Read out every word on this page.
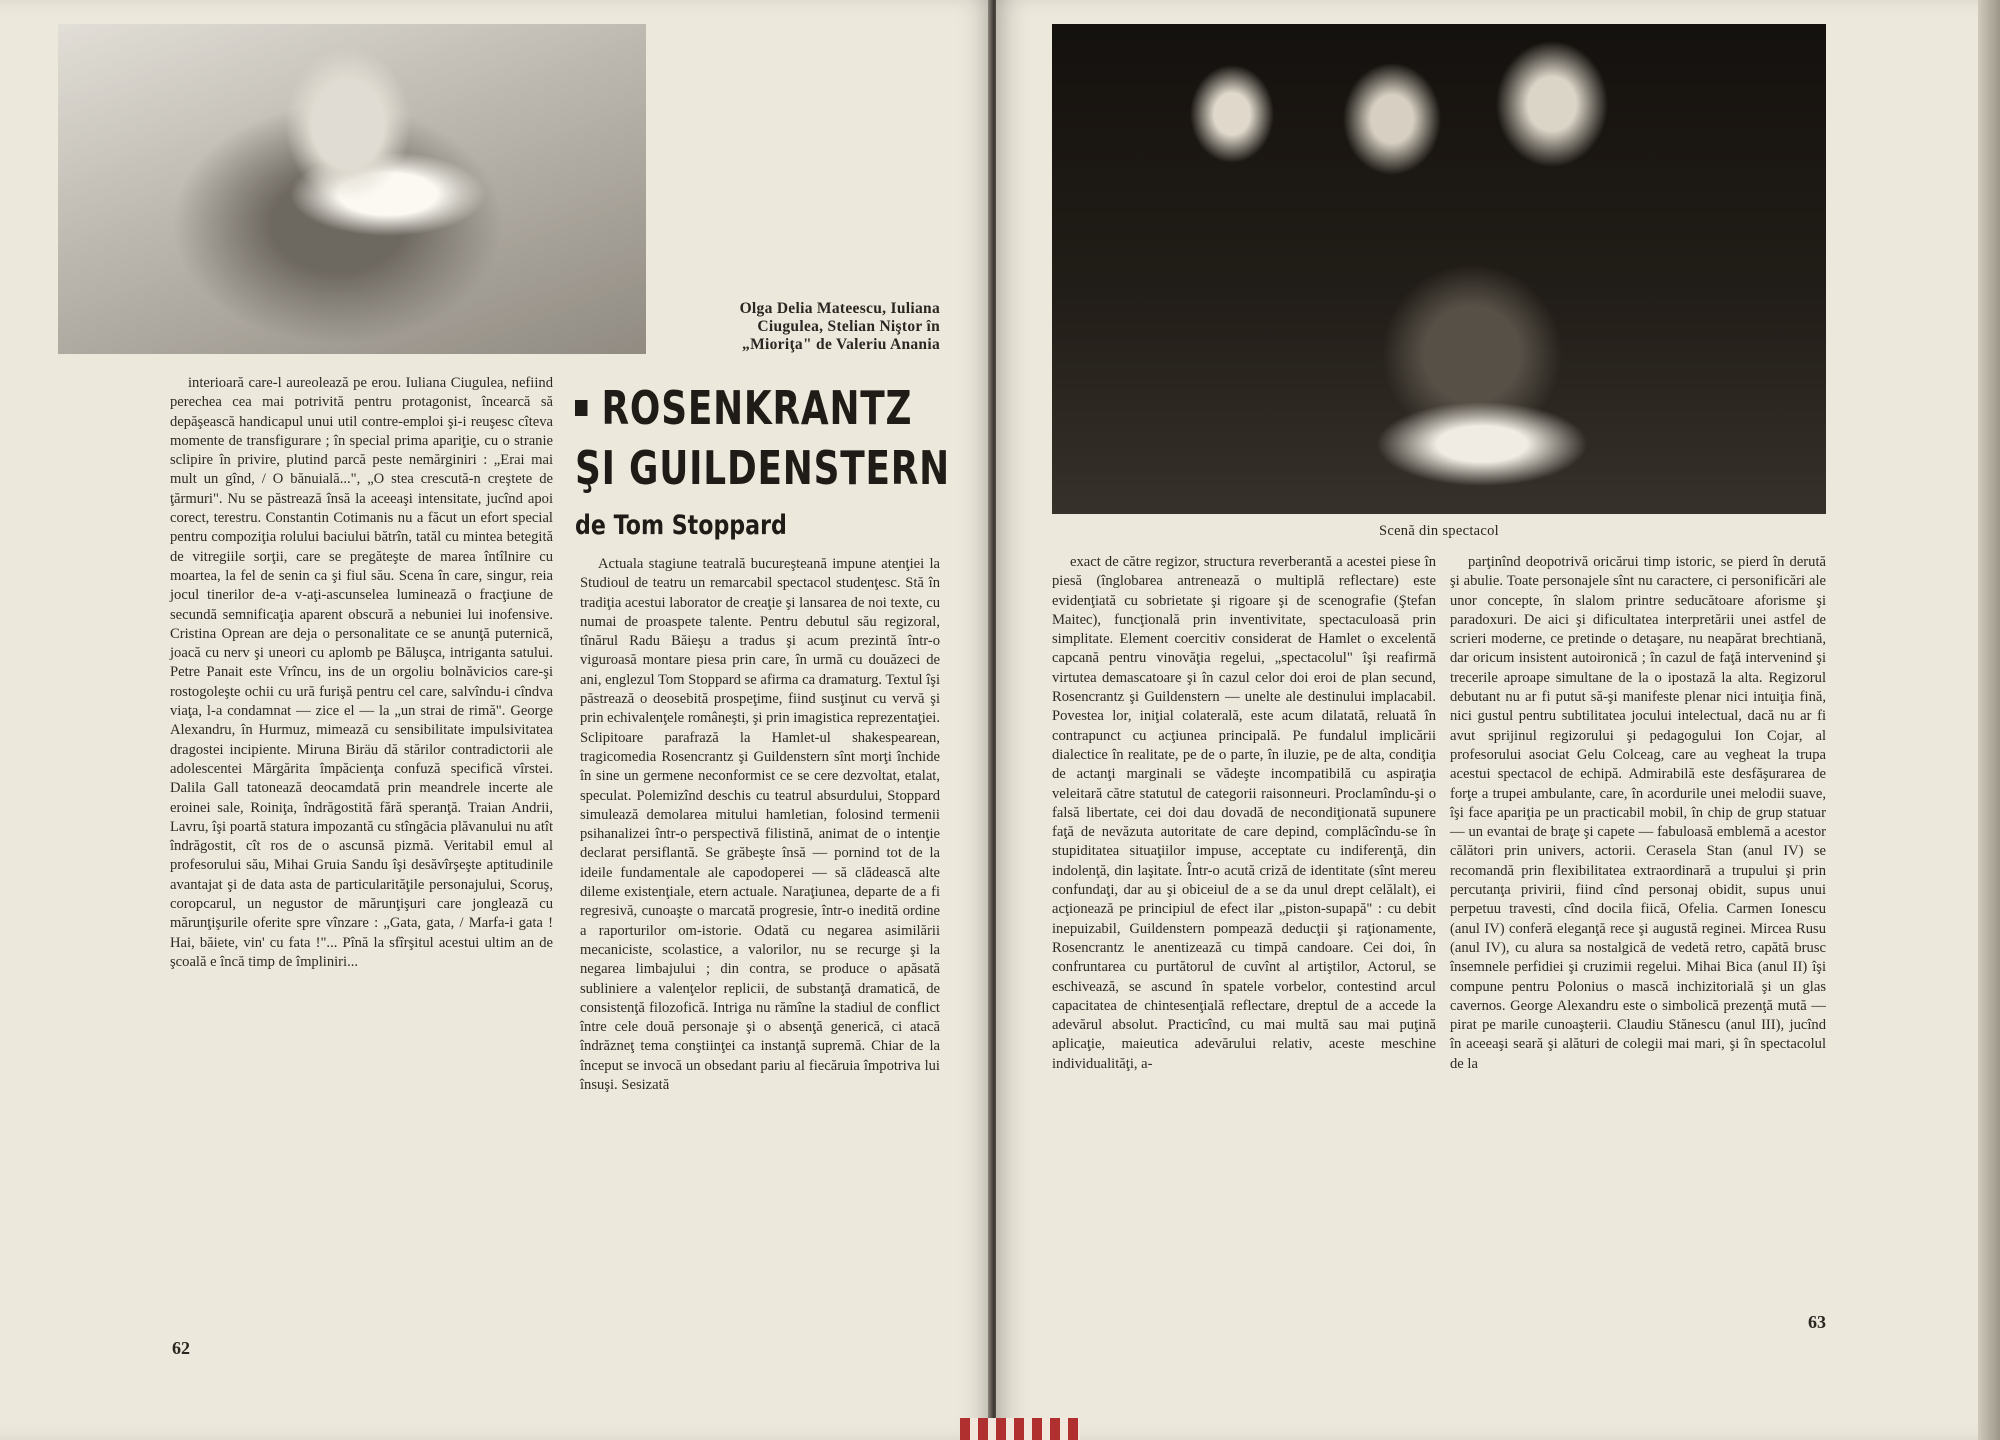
Olga Delia Mateescu, Iuliana
Ciugulea, Stelian Niştor în
„Mioriţa" de Valeriu Anania

interioară care-l aureolează pe erou. Iuliana Ciugulea, nefiind perechea cea mai potrivită pentru protagonist, încearcă să depăşească handicapul unui util contre-emploi şi-i reuşesc cîteva momente de transfigurare ; în special prima apariţie, cu o stranie sclipire în privire, plutind parcă peste nemărginiri : „Erai mai mult un gînd, / O bănuială...", „O stea crescută-n creştete de ţărmuri". Nu se păstrează însă la aceeaşi intensitate, jucînd apoi corect, terestru. Constantin Cotimanis nu a făcut un efort special pentru compoziţia rolului baciului bătrîn, tatăl cu mintea betegită de vitregiile sorţii, care se pregăteşte de marea întîlnire cu moartea, la fel de senin ca şi fiul său. Scena în care, singur, reia jocul tinerilor de-a v-aţi-ascunselea luminează o fracţiune de secundă semnificaţia aparent obscură a nebuniei lui inofensive. Cristina Oprean are deja o personalitate ce se anunţă puternică, joacă cu nerv şi uneori cu aplomb pe Băluşca, intriganta satului. Petre Panait este Vrîncu, ins de un orgoliu bolnăvicios care-şi rostogoleşte ochii cu ură furişă pentru cel care, salvîndu-i cîndva viaţa, l-a condamnat — zice el — la „un strai de rimă". George Alexandru, în Hurmuz, mimează cu sensibilitate impulsivitatea dragostei incipiente. Miruna Biräu dă stărilor contradictorii ale adolescentei Mărgărita împăcienţa confuză specifică vîrstei. Dalila Gall tatonează deocamdată prin meandrele incerte ale eroinei sale, Roiniţa, îndrăgostită fără speranţă. Traian Andrii, Lavru, îşi poartă statura impozantă cu stîngăcia plăvanului nu atît îndrăgostit, cît ros de o ascunsă pizmă. Veritabil emul al profesorului său, Mihai Gruia Sandu îşi desăvîrşeşte aptitudinile avantajat şi de data asta de particularităţile personajului, Scoruş, coropcarul, un negustor de mărunţişuri care jonglează cu mărunţişurile oferite spre vînzare : „Gata, gata, / Marfa-i gata ! Hai, băiete, vin' cu fata !"... Pînă la sfîrşitul acestui ultim an de şcoală e încă timp de împliniri...

ROSENKRANTZ
ŞI GUILDENSTERN
de Tom Stoppard

Actuala stagiune teatrală bucureşteană impune atenţiei la Studioul de teatru un remarcabil spectacol studenţesc. Stă în tradiţia acestui laborator de creaţie şi lansarea de noi texte, cu numai de proaspete talente. Pentru debutul său regizoral, tînărul Radu Băieşu a tradus şi acum prezintă într-o viguroasă montare piesa prin care, în urmă cu douăzeci de ani, englezul Tom Stoppard se afirma ca dramaturg. Textul îşi păstrează o deosebită prospeţime, fiind susţinut cu vervă şi prin echivalenţele româneşti, şi prin imagistica reprezentaţiei. Sclipitoare parafrază la Hamlet-ul shakespearean, tragicomedia Rosencrantz şi Guildenstern sînt morţi închide în sine un germene neconformist ce se cere dezvoltat, etalat, speculat. Polemizînd deschis cu teatrul absurdului, Stoppard simulează demolarea mitului hamletian, folosind termenii psihanalizei într-o perspectivă filistină, animat de o intenţie declarat persiflantă. Se grăbeşte însă — pornind tot de la ideile fundamentale ale capodoperei — să clădească alte dileme existenţiale, etern actuale. Naraţiunea, departe de a fi regresivă, cunoaşte o marcată progresie, într-o inedită ordine a raporturilor om-istorie. Odată cu negarea asimilării mecaniciste, scolastice, a valorilor, nu se recurge şi la negarea limbajului ; din contra, se produce o apăsată subliniere a valenţelor replicii, de substanţă dramatică, de consistenţă filozofică. Intriga nu rămîne la stadiul de conflict între cele două personaje şi o absenţă generică, ci atacă îndrăzneţ tema conştiinţei ca instanţă supremă. Chiar de la început se invocă un obsedant pariu al fiecăruia împotriva lui însuşi. Sesizată

62

Scenă din spectacol

exact de către regizor, structura reverberantă a acestei piese în piesă (înglobarea antrenează o multiplă reflectare) este evidenţiată cu sobrietate şi rigoare şi de scenografie (Ştefan Maitec), funcţională prin inventivitate, spectaculoasă prin simplitate. Element coercitiv considerat de Hamlet o excelentă capcană pentru vinovăţia regelui, „spectacolul" îşi reafirmă virtutea demascatoare şi în cazul celor doi eroi de plan secund, Rosencrantz şi Guildenstern — unelte ale destinului implacabil. Povestea lor, iniţial colaterală, este acum dilatată, reluată în contrapunct cu acţiunea principală. Pe fundalul implicării dialectice în realitate, pe de o parte, în iluzie, pe de alta, condiţia de actanţi marginali se vădeşte incompatibilă cu aspiraţia veleitară către statutul de categorii raisonneuri. Proclamîndu-şi o falsă libertate, cei doi dau dovadă de necondiţionată supunere faţă de nevăzuta autoritate de care depind, complăcîndu-se în stupiditatea situaţiilor impuse, acceptate cu indiferenţă, din indolenţă, din laşitate. Într-o acută criză de identitate (sînt mereu confundaţi, dar au şi obiceiul de a se da unul drept celălalt), ei acţionează pe principiul de efect ilar „piston-supapă" : cu debit inepuizabil, Guildenstern pompează deducţii şi raţionamente, Rosencrantz le anentizează cu timpă candoare. Cei doi, în confruntarea cu purtătorul de cuvînt al artiştilor, Actorul, se eschivează, se ascund în spatele vorbelor, contestind arcul capacitatea de chintesenţială reflectare, dreptul de a accede la adevărul absolut. Practicînd, cu mai multă sau mai puţină aplicaţie, maieutica adevărului relativ, aceste meschine individualităţi, a-

parţinînd deopotrivă oricărui timp istoric, se pierd în derută şi abulie. Toate personajele sînt nu caractere, ci personificări ale unor concepte, în slalom printre seducătoare aforisme şi paradoxuri. De aici şi dificultatea interpretării unei astfel de scrieri moderne, ce pretinde o detaşare, nu neapărat brechtiană, dar oricum insistent autoironică ; în cazul de faţă intervenind şi trecerile aproape simultane de la o ipostază la alta. Regizorul debutant nu ar fi putut să-şi manifeste plenar nici intuiţia fină, nici gustul pentru subtilitatea jocului intelectual, dacă nu ar fi avut sprijinul regizorului şi pedagogului Ion Cojar, al profesorului asociat Gelu Colceag, care au vegheat la trupa acestui spectacol de echipă. Admirabilă este desfăşurarea de forţe a trupei ambulante, care, în acordurile unei melodii suave, îşi face apariţia pe un practicabil mobil, în chip de grup statuar — un evantai de braţe şi capete — fabuloasă emblemă a acestor călători prin univers, actorii. Cerasela Stan (anul IV) se recomandă prin flexibilitatea extraordinară a trupului şi prin percutanţa privirii, fiind cînd personaj obidit, supus unui perpetuu travesti, cînd docila fiică, Ofelia. Carmen Ionescu (anul IV) conferă eleganţă rece şi augustă reginei. Mircea Rusu (anul IV), cu alura sa nostalgică de vedetă retro, capătă brusc însemnele perfidiei şi cruzimii regelui. Mihai Bica (anul II) îşi compune pentru Polonius o mască inchizitorială şi un glas cavernos. George Alexandru este o simbolică prezenţă mută — pirat pe marile cunoaşterii. Claudiu Stănescu (anul III), jucînd în aceeaşi seară şi alături de colegii mai mari, şi în spectacolul de la

63
